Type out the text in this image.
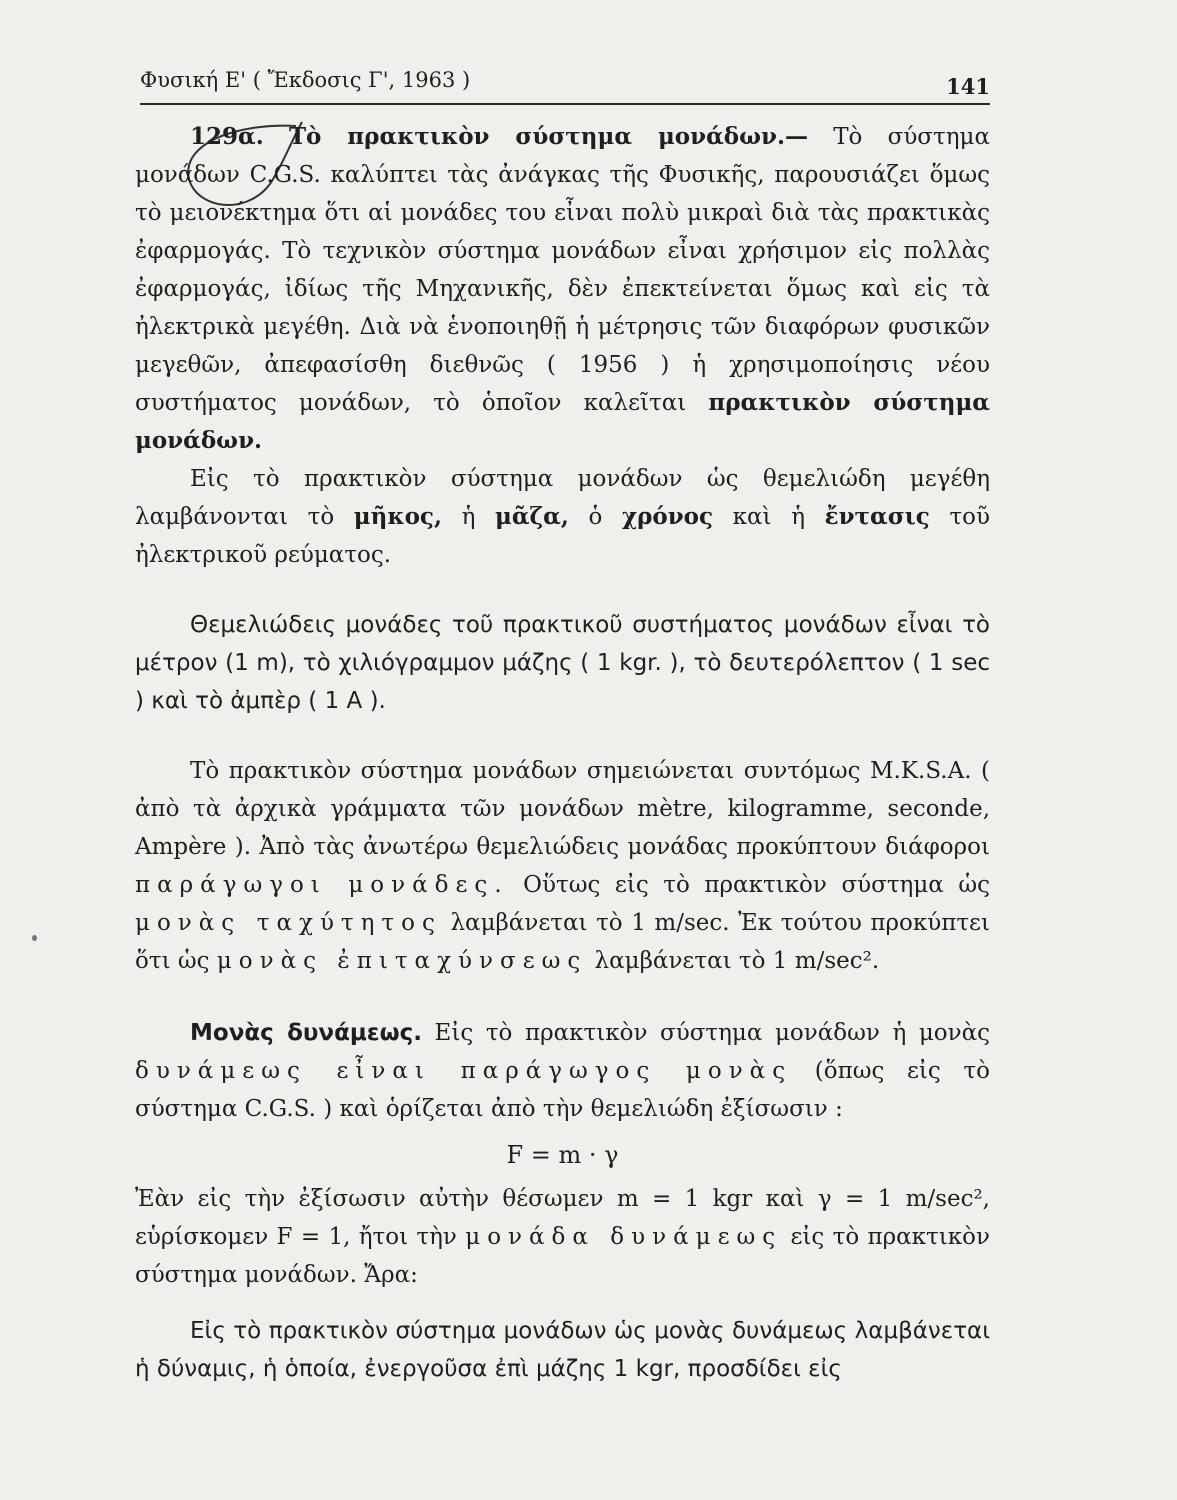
Φυσική Ε' ( Ἔκδοσις Γ', 1963 )	141

129α. Τὸ πρακτικὸν σύστημα μονάδων.— Τὸ σύστημα μονάδων C.G.S. καλύπτει τὰς ἀνάγκας τῆς Φυσικῆς, παρουσιάζει ὅμως τὸ μειονέκτημα ὅτι αἱ μονάδες του εἶναι πολὺ μικραὶ διὰ τὰς πρακτικὰς ἐφαρμογάς. Τὸ τεχνικὸν σύστημα μονάδων εἶναι χρήσιμον εἰς πολλὰς ἐφαρμογάς, ἰδίως τῆς Μηχανικῆς, δὲν ἐπεκτείνεται ὅμως καὶ εἰς τὰ ἠλεκτρικὰ μεγέθη. Διὰ νὰ ἑνοποιηθῇ ἡ μέτρησις τῶν διαφόρων φυσικῶν μεγεθῶν, ἀπεφασίσθη διεθνῶς ( 1956 ) ἡ χρησιμοποίησις νέου συστήματος μονάδων, τὸ ὁποῖον καλεῖται πρακτικὸν σύστημα μονάδων.

Εἰς τὸ πρακτικὸν σύστημα μονάδων ὡς θεμελιώδη μεγέθη λαμβάνονται τὸ μῆκος, ἡ μᾶζα, ὁ χρόνος καὶ ἡ ἔντασις τοῦ ἠλεκτρικοῦ ρεύματος.

Θεμελιώδεις μονάδες τοῦ πρακτικοῦ συστήματος μονάδων εἶναι τὸ μέτρον (1 m), τὸ χιλιόγραμμον μάζης ( 1 kgr. ), τὸ δευτερόλεπτον ( 1 sec ) καὶ τὸ ἀμπὲρ ( 1 A ).

Τὸ πρακτικὸν σύστημα μονάδων σημειώνεται συντόμως M.K.S.A. ( ἀπὸ τὰ ἀρχικὰ γράμματα τῶν μονάδων mètre, kilogramme, seconde, Ampère ). Ἀπὸ τὰς ἀνωτέρω θεμελιώδεις μονάδας προκύπτουν διάφοροι παράγωγοι μονάδες. Οὕτως εἰς τὸ πρακτικὸν σύστημα ὡς μονὰς ταχύτητος λαμβάνεται τὸ 1 m/sec. Ἐκ τούτου προκύπτει ὅτι ὡς μονὰς ἐπιταχύνσεως λαμβάνεται τὸ 1 m/sec².

Μονὰς δυνάμεως. Εἰς τὸ πρακτικὸν σύστημα μονάδων ἡ μονὰς δυνάμεως εἶναι παράγωγος μονὰς (ὅπως εἰς τὸ σύστημα C.G.S. ) καὶ ὁρίζεται ἀπὸ τὴν θεμελιώδη ἐξίσωσιν :

F = m · γ

Ἐὰν εἰς τὴν ἐξίσωσιν αὐτὴν θέσωμεν m = 1 kgr καὶ γ = 1 m/sec², εὑρίσκομεν F = 1, ἤτοι τὴν μονάδα δυνάμεως εἰς τὸ πρακτικὸν σύστημα μονάδων. Ἄρα:

Εἰς τὸ πρακτικὸν σύστημα μονάδων ὡς μονὰς δυνάμεως λαμβάνεται ἡ δύναμις, ἡ ὁποία, ἐνεργοῦσα ἐπὶ μάζης 1 kgr, προσδίδει εἰς
